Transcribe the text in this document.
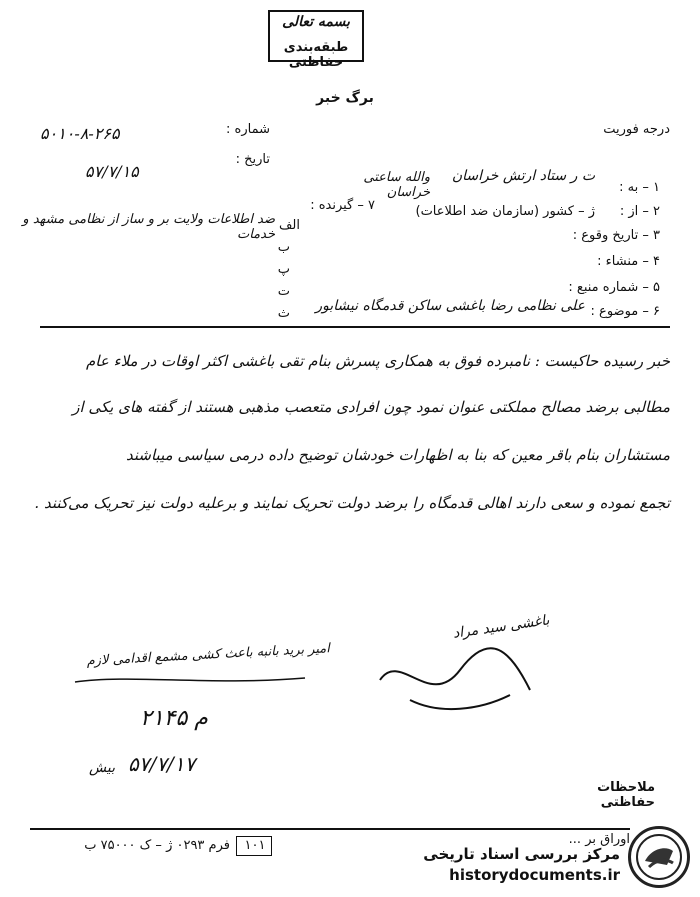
بسمه تعالی
طبقه‌بندی حفاظتی
برگ خبر
درجه فوریت
شماره :
۵۰۱۰-۸-۲۶۵
تاریخ :
۵۷/۷/۱۵
۱ – به :
ت ر ستاد ارتش خراسان
والله ساعتی خراسان
۲ – از :
ژ – کشور (سازمان ضد اطلاعات)
۳ – تاریخ وقوع :
۴ – منشاء :
۵ – شماره منبع :
۶ – موضوع :
علی نظامی رضا باغشی ساکن قدمگاه نیشابور
۷ – گیرنده :
الف
ضد اطلاعات ولایت بر و ساز از نظامی مشهد و خدمات
ب
پ
ت
ث
خبر رسیده حاکیست : نامبرده فوق به همکاری پسرش بنام تقی باغشی اکثر اوقات در ملاء عام
مطالبی برضد مصالح مملکتی عنوان نمود چون افرادی متعصب مذهبی هستند از گفته های یکی از
مستشاران بنام باقر معین که بنا به اظهارات خودشان توضیح داده درمی سیاسی میباشند
تجمع نموده و سعی دارند اهالی قدمگاه را برضد دولت تحریک نمایند و برعلیه دولت نیز تحریک می‌کنند .
باغشی سید مراد
امیر برید بانبه باعث کشی مشمع اقدامی لازم
۲۱۴۵ م
۵۷/۷/۱۷
بیش
ملاحظات حفاظتی
فرم ۰۲۹۳ ژ – ک ۷۵۰۰۰ ب	۱۰۱	اوراق بر ...
مرکز بررسی اسناد تاریخی
historydocuments.ir
